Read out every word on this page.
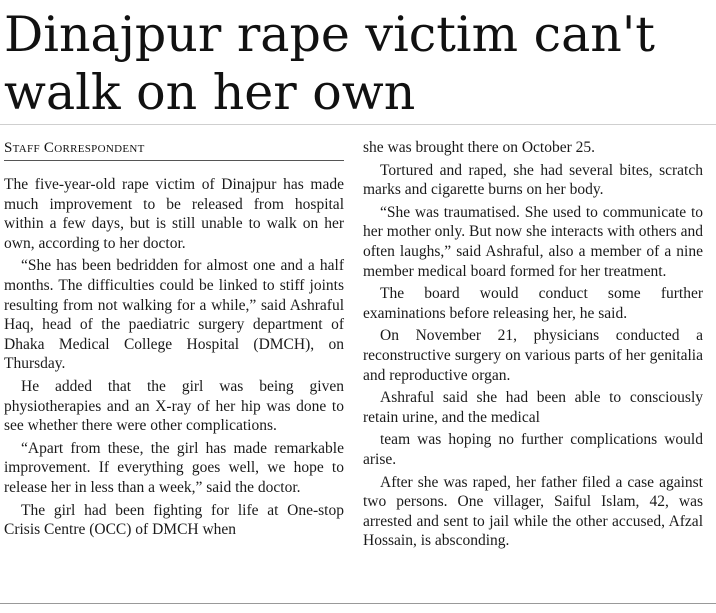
Dinajpur rape victim can't
walk on her own
Staff Correspondent

The five-year-old rape victim of Dinajpur has made much improvement to be released from hospital within a few days, but is still unable to walk on her own, according to her doctor.

“She has been bedridden for almost one and a half months. The difficulties could be linked to stiff joints resulting from not walking for a while,” said Ashraful Haq, head of the paediatric surgery department of Dhaka Medical College Hospital (DMCH), on Thursday.

He added that the girl was being given physiotherapies and an X-ray of her hip was done to see whether there were other complications.

“Apart from these, the girl has made remarkable improvement. If everything goes well, we hope to release her in less than a week,” said the doctor.

The girl had been fighting for life at One-stop Crisis Centre (OCC) of DMCH when

she was brought there on October 25.

Tortured and raped, she had several bites, scratch marks and cigarette burns on her body.

“She was traumatised. She used to communicate to her mother only. But now she interacts with others and often laughs,” said Ashraful, also a member of a nine member medical board formed for her treatment.

The board would conduct some further examinations before releasing her, he said.

On November 21, physicians conducted a reconstructive surgery on various parts of her genitalia and reproductive organ.

Ashraful said she had been able to consciously retain urine, and the medical

team was hoping no further complications would arise.

After she was raped, her father filed a case against two persons. One villager, Saiful Islam, 42, was arrested and sent to jail while the other accused, Afzal Hossain, is absconding.
